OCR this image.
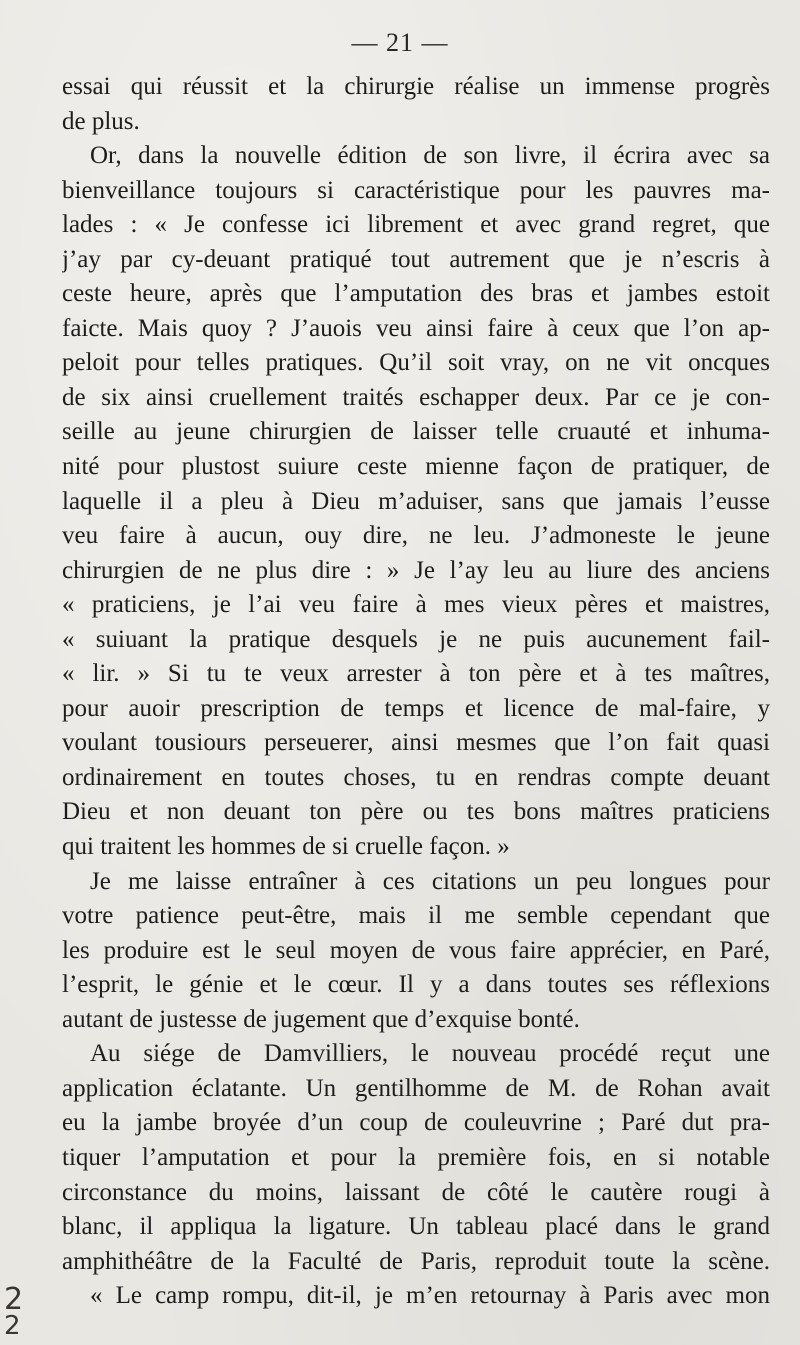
— 21 —
essai qui réussit et la chirurgie réalise un immense progrès
de plus.
Or, dans la nouvelle édition de son livre, il écrira avec sa
bienveillance toujours si caractéristique pour les pauvres ma-
lades : « Je confesse ici librement et avec grand regret, que
j’ay par cy-deuant pratiqué tout autrement que je n’escris à
ceste heure, après que l’amputation des bras et jambes estoit
faicte. Mais quoy ? J’auois veu ainsi faire à ceux que l’on ap-
peloit pour telles pratiques. Qu’il soit vray, on ne vit oncques
de six ainsi cruellement traités eschapper deux. Par ce je con-
seille au jeune chirurgien de laisser telle cruauté et inhuma-
nité pour plustost suiure ceste mienne façon de pratiquer, de
laquelle il a pleu à Dieu m’aduiser, sans que jamais l’eusse
veu faire à aucun, ouy dire, ne leu. J’admoneste le jeune
chirurgien de ne plus dire : » Je l’ay leu au liure des anciens
« praticiens, je l’ai veu faire à mes vieux pères et maistres,
« suiuant la pratique desquels je ne puis aucunement fail-
« lir. » Si tu te veux arrester à ton père et à tes maîtres,
pour auoir prescription de temps et licence de mal-faire, y
voulant tousiours perseuerer, ainsi mesmes que l’on fait quasi
ordinairement en toutes choses, tu en rendras compte deuant
Dieu et non deuant ton père ou tes bons maîtres praticiens
qui traitent les hommes de si cruelle façon. »
Je me laisse entraîner à ces citations un peu longues pour
votre patience peut-être, mais il me semble cependant que
les produire est le seul moyen de vous faire apprécier, en Paré,
l’esprit, le génie et le cœur. Il y a dans toutes ses réflexions
autant de justesse de jugement que d’exquise bonté.
Au siége de Damvilliers, le nouveau procédé reçut une
application éclatante. Un gentilhomme de M. de Rohan avait
eu la jambe broyée d’un coup de couleuvrine ; Paré dut pra-
tiquer l’amputation et pour la première fois, en si notable
circonstance du moins, laissant de côté le cautère rougi à
blanc, il appliqua la ligature. Un tableau placé dans le grand
amphithéâtre de la Faculté de Paris, reproduit toute la scène.
« Le camp rompu, dit-il, je m’en retournay à Paris avec mon
2
2
